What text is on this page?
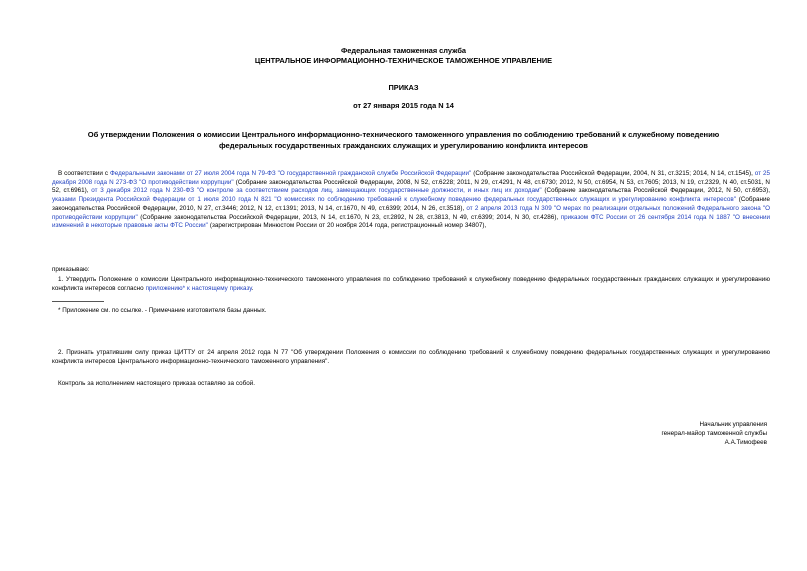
Федеральная таможенная служба
ЦЕНТРАЛЬНОЕ ИНФОРМАЦИОННО-ТЕХНИЧЕСКОЕ ТАМОЖЕННОЕ УПРАВЛЕНИЕ
ПРИКАЗ
от 27 января 2015 года N 14
Об утверждении Положения о комиссии Центрального информационно-технического таможенного управления по соблюдению требований к служебному поведению федеральных государственных гражданских служащих и урегулированию конфликта интересов

В соответствии с Федеральными законами от 27 июля 2004 года N 79-ФЗ "О государственной гражданской службе Российской Федерации" (Собрание законодательства Российской Федерации, 2004, N 31, ст.3215; 2014, N 14, ст.1545), от 25 декабря 2008 года N 273-ФЗ "О противодействии коррупции" (Собрание законодательства Российской Федерации, 2008, N 52, ст.6228; 2011, N 29, ст.4291, N 48, ст.6730; 2012, N 50, ст.6954, N 53, ст.7605; 2013, N 19, ст.2329, N 40, ст.5031, N 52, ст.6961), от 3 декабря 2012 года N 230-ФЗ "О контроле за соответствием расходов лиц, замещающих государственные должности, и иных лиц их доходам" (Собрание законодательства Российской Федерации, 2012, N 50, ст.6953), указами Президента Российской Федерации от 1 июля 2010 года N 821 "О комиссиях по соблюдению требований к служебному поведению федеральных государственных служащих и урегулированию конфликта интересов" (Собрание законодательства Российской Федерации, 2010, N 27, ст.3446; 2012, N 12, ст.1391; 2013, N 14, ст.1670, N 49, ст.6399; 2014, N 26, ст.3518), от 2 апреля 2013 года N 309 "О мерах по реализации отдельных положений Федерального закона "О противодействии коррупции" (Собрание законодательства Российской Федерации, 2013, N 14, ст.1670, N 23, ст.2892, N 28, ст.3813, N 49, ст.6399; 2014, N 30, ст.4286), приказом ФТС России от 26 сентября 2014 года N 1887 "О внесении изменений в некоторые правовые акты ФТС России" (зарегистрирован Минюстом России от 20 ноября 2014 года, регистрационный номер 34807),

приказываю:

1. Утвердить Положение о комиссии Центрального информационно-технического таможенного управления по соблюдению требований к служебному поведению федеральных государственных гражданских служащих и урегулированию конфликта интересов согласно приложению* к настоящему приказу.

* Приложение см. по ссылке. - Примечание изготовителя базы данных.

2. Признать утратившим силу приказ ЦИТТУ от 24 апреля 2012 года N 77 "Об утверждении Положения о комиссии по соблюдению требований к служебному поведению федеральных государственных служащих и урегулированию конфликта интересов Центрального информационно-технического таможенного управления".

Контроль за исполнением настоящего приказа оставляю за собой.

Начальник управления
генерал-майор таможенной службы
А.А.Тимофеев
